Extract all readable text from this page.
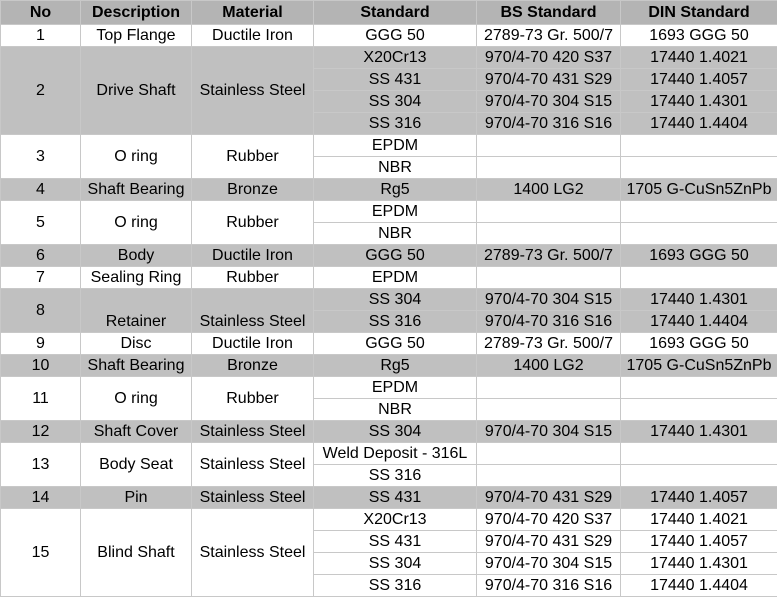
No	Description	Material	Standard	BS Standard	DIN Standard
1	Top Flange	Ductile Iron	GGG 50	2789-73 Gr. 500/7	1693 GGG 50
2	Drive Shaft	Stainless Steel	X20Cr13	970/4-70 420 S37	17440 1.4021
			SS 431	970/4-70 431 S29	17440 1.4057
			SS 304	970/4-70 304 S15	17440 1.4301
			SS 316	970/4-70 316 S16	17440 1.4404
3	O ring	Rubber	EPDM		
			NBR		
4	Shaft Bearing	Bronze	Rg5	1400 LG2	1705 G-CuSn5ZnPb
5	O ring	Rubber	EPDM		
			NBR		
6	Body	Ductile Iron	GGG 50	2789-73 Gr. 500/7	1693 GGG 50
7	Sealing Ring	Rubber	EPDM		
8	Retainer	Stainless Steel	SS 304	970/4-70 304 S15	17440 1.4301
			SS 316	970/4-70 316 S16	17440 1.4404
9	Disc	Ductile Iron	GGG 50	2789-73 Gr. 500/7	1693 GGG 50
10	Shaft Bearing	Bronze	Rg5	1400 LG2	1705 G-CuSn5ZnPb
11	O ring	Rubber	EPDM		
			NBR		
12	Shaft Cover	Stainless Steel	SS 304	970/4-70 304 S15	17440 1.4301
13	Body Seat	Stainless Steel	Weld Deposit - 316L		
			SS 316		
14	Pin	Stainless Steel	SS 431	970/4-70 431 S29	17440 1.4057
15	Blind Shaft	Stainless Steel	X20Cr13	970/4-70 420 S37	17440 1.4021
			SS 431	970/4-70 431 S29	17440 1.4057
			SS 304	970/4-70 304 S15	17440 1.4301
			SS 316	970/4-70 316 S16	17440 1.4404
